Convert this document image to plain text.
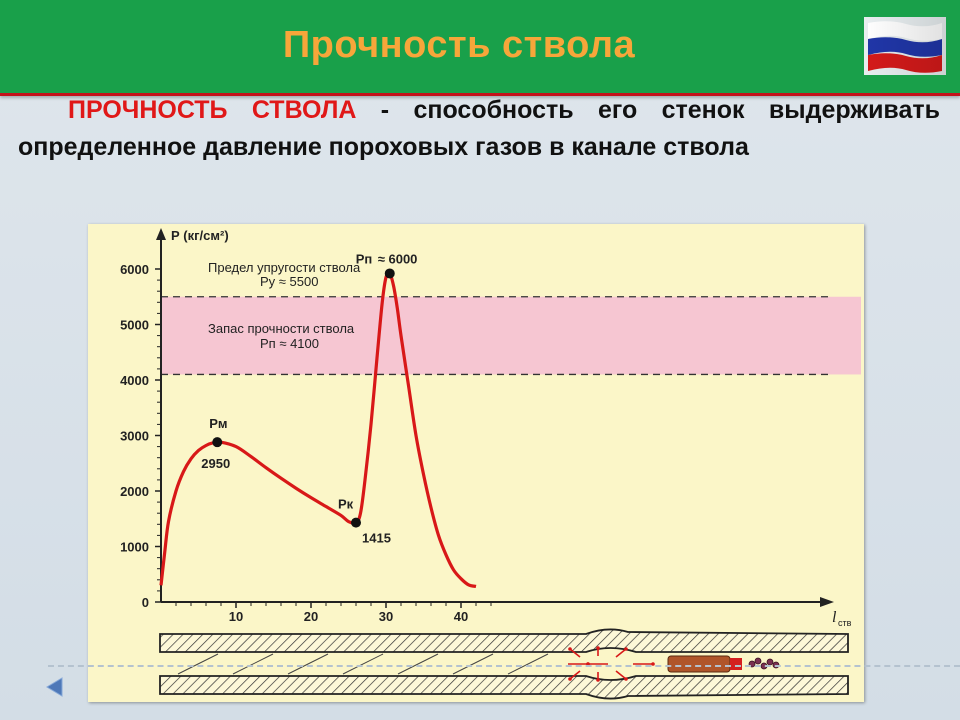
Прочность ствола
ПРОЧНОСТЬ СТВОЛА - способность его стенок выдерживать определенное давление пороховых газов в канале ствола
0
1000
2000
3000
4000
5000
6000
10	20	30	40
Р (кг/см²)
l ств
Предел упругости ствола
Ру ≈ 5500
Запас прочности ствола
Рп ≈ 4100
Рм
2950
Рк
1415
Рп ≈ 6000
